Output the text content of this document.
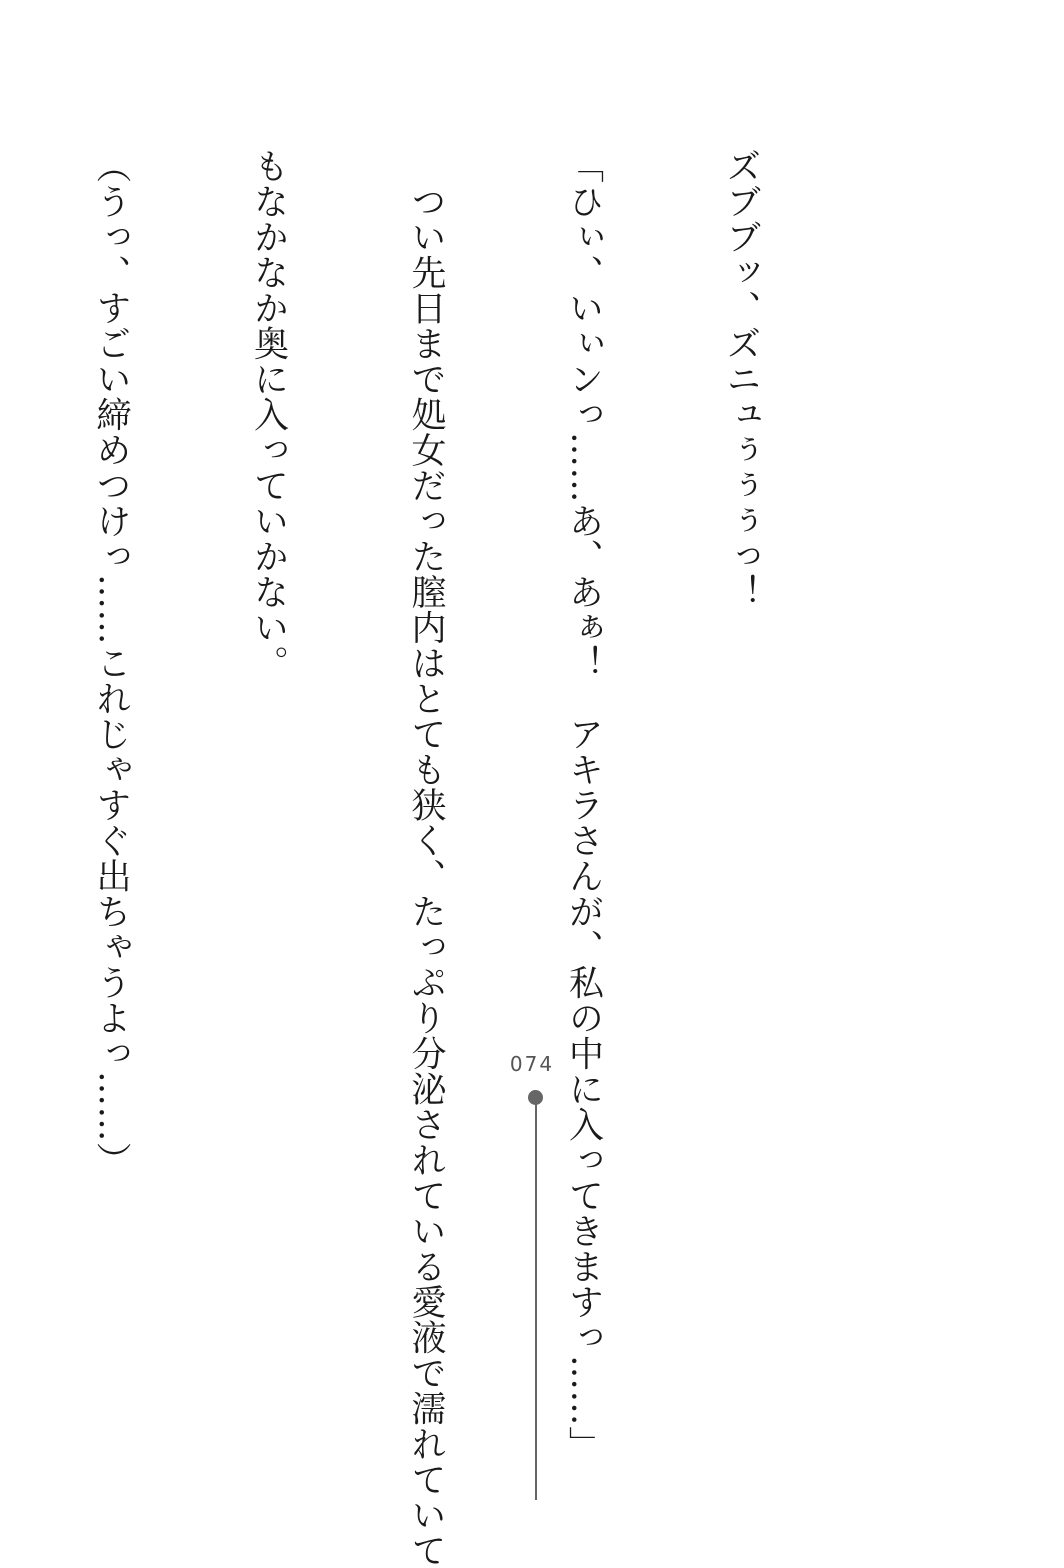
ズブブッ、ズニュぅぅぅっ！

「ひぃ、いぃンっ……あ、あぁ！　アキラさんが、私の中に入ってきますっ……」

　つい先日まで処女だった膣内はとても狭く、たっぷり分泌されている愛液で濡れていて

もなかなか奥に入っていかない。

（うっ、すごい締めつけっ……これじゃすぐ出ちゃうよっ……）

	074
